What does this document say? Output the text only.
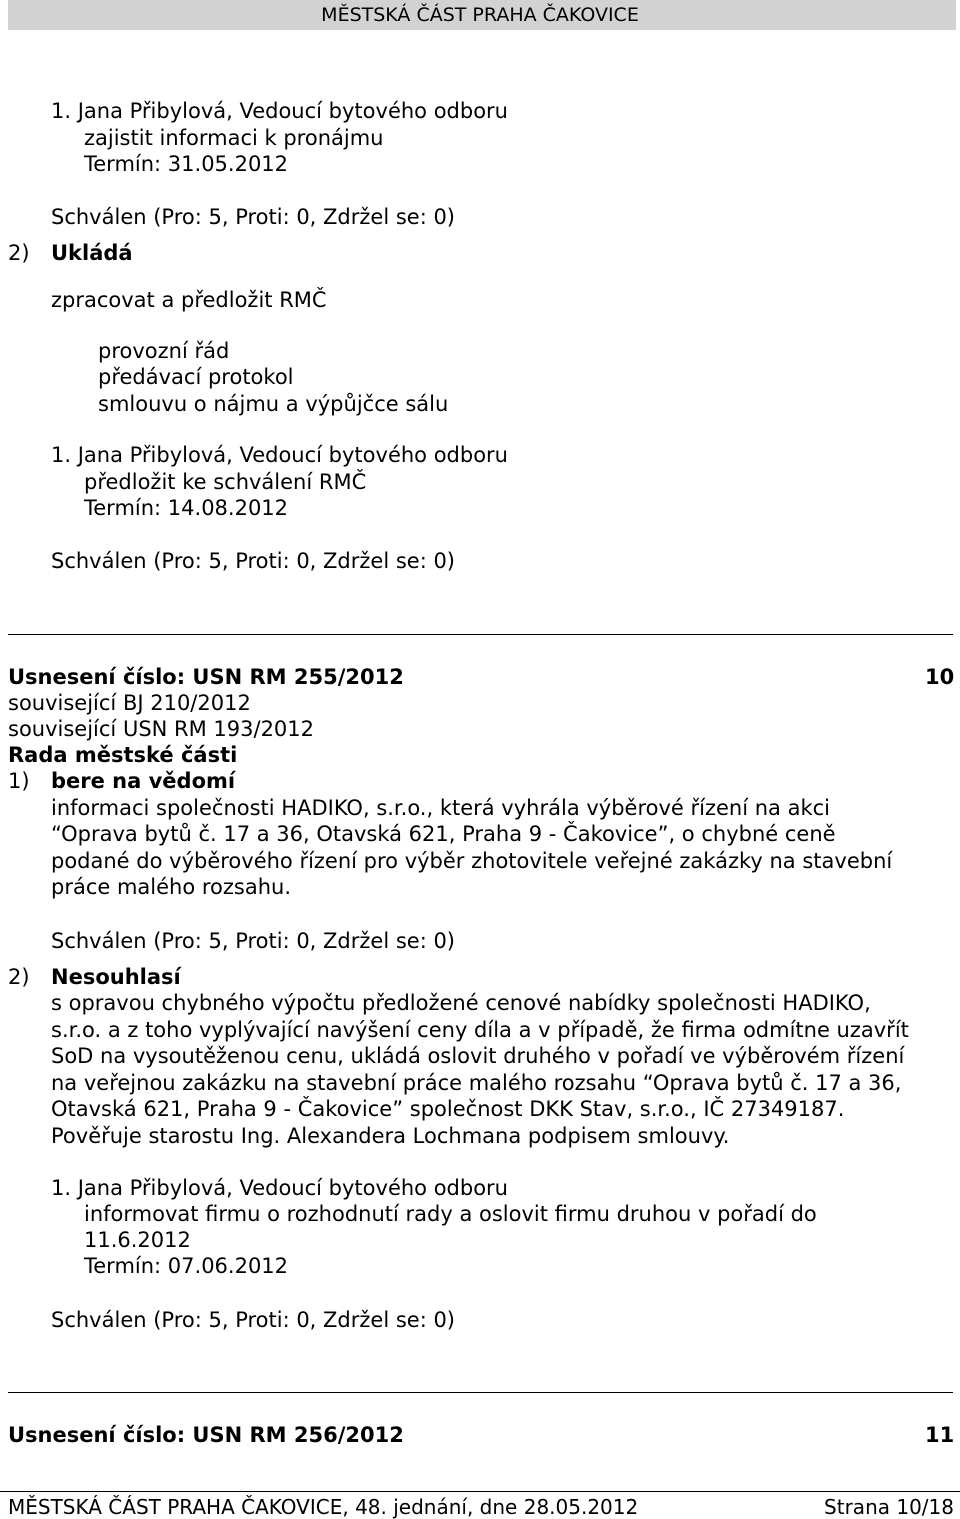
MĚSTSKÁ ČÁST PRAHA ČAKOVICE
1. Jana Přibylová, Vedoucí bytového odboru
zajistit informaci k pronájmu
Termín: 31.05.2012
Schválen (Pro: 5, Proti: 0, Zdržel se: 0)
2) Ukládá
zpracovat a předložit RMČ
provozní řád
předávací protokol
smlouvu o nájmu a výpůjčce sálu
1. Jana Přibylová, Vedoucí bytového odboru
předložit ke schválení RMČ
Termín: 14.08.2012
Schválen (Pro: 5, Proti: 0, Zdržel se: 0)
Usnesení číslo: USN RM 255/2012	10
související BJ 210/2012
související USN RM 193/2012
Rada městské části
1) bere na vědomí
informaci společnosti HADIKO, s.r.o., která vyhrála výběrové řízení na akci
“Oprava bytů č. 17 a 36, Otavská 621, Praha 9 - Čakovice”, o chybné ceně
podané do výběrového řízení pro výběr zhotovitele veřejné zakázky na stavební
práce malého rozsahu.
Schválen (Pro: 5, Proti: 0, Zdržel se: 0)
2) Nesouhlasí
s opravou chybného výpočtu předložené cenové nabídky společnosti HADIKO,
s.r.o. a z toho vyplývající navýšení ceny díla a v případě, že firma odmítne uzavřít
SoD na vysoutěženou cenu, ukládá oslovit druhého v pořadí ve výběrovém řízení
na veřejnou zakázku na stavební práce malého rozsahu “Oprava bytů č. 17 a 36,
Otavská 621, Praha 9 - Čakovice” společnost DKK Stav, s.r.o., IČ 27349187.
Pověřuje starostu Ing. Alexandera Lochmana podpisem smlouvy.
1. Jana Přibylová, Vedoucí bytového odboru
informovat firmu o rozhodnutí rady a oslovit firmu druhou v pořadí do
11.6.2012
Termín: 07.06.2012
Schválen (Pro: 5, Proti: 0, Zdržel se: 0)
Usnesení číslo: USN RM 256/2012	11
MĚSTSKÁ ČÁST PRAHA ČAKOVICE, 48. jednání, dne 28.05.2012	Strana 10/18
